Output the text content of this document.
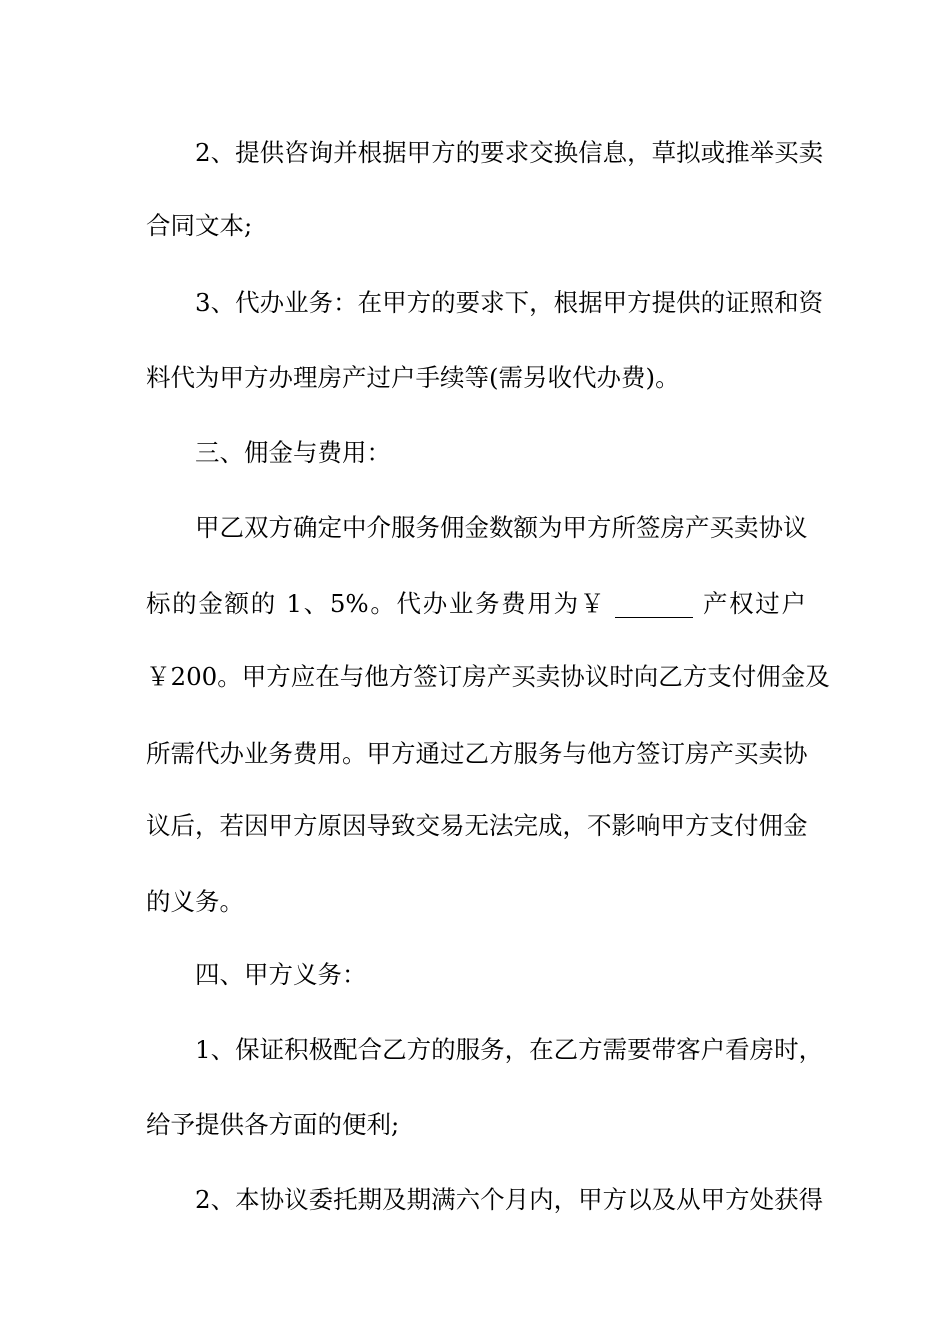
2、提供咨询并根据甲方的要求交换信息，草拟或推举买卖
合同文本;
3、代办业务：在甲方的要求下，根据甲方提供的证照和资
料代为甲方办理房产过户手续等(需另收代办费)。
三、佣金与费用：
甲乙双方确定中介服务佣金数额为甲方所签房产买卖协议
标的金额的 1、5%。代办业务费用为￥	产权过户
￥200。甲方应在与他方签订房产买卖协议时向乙方支付佣金及
所需代办业务费用。甲方通过乙方服务与他方签订房产买卖协
议后，若因甲方原因导致交易无法完成，不影响甲方支付佣金
的义务。
四、甲方义务：
1、保证积极配合乙方的服务，在乙方需要带客户看房时，
给予提供各方面的便利;
2、本协议委托期及期满六个月内，甲方以及从甲方处获得
